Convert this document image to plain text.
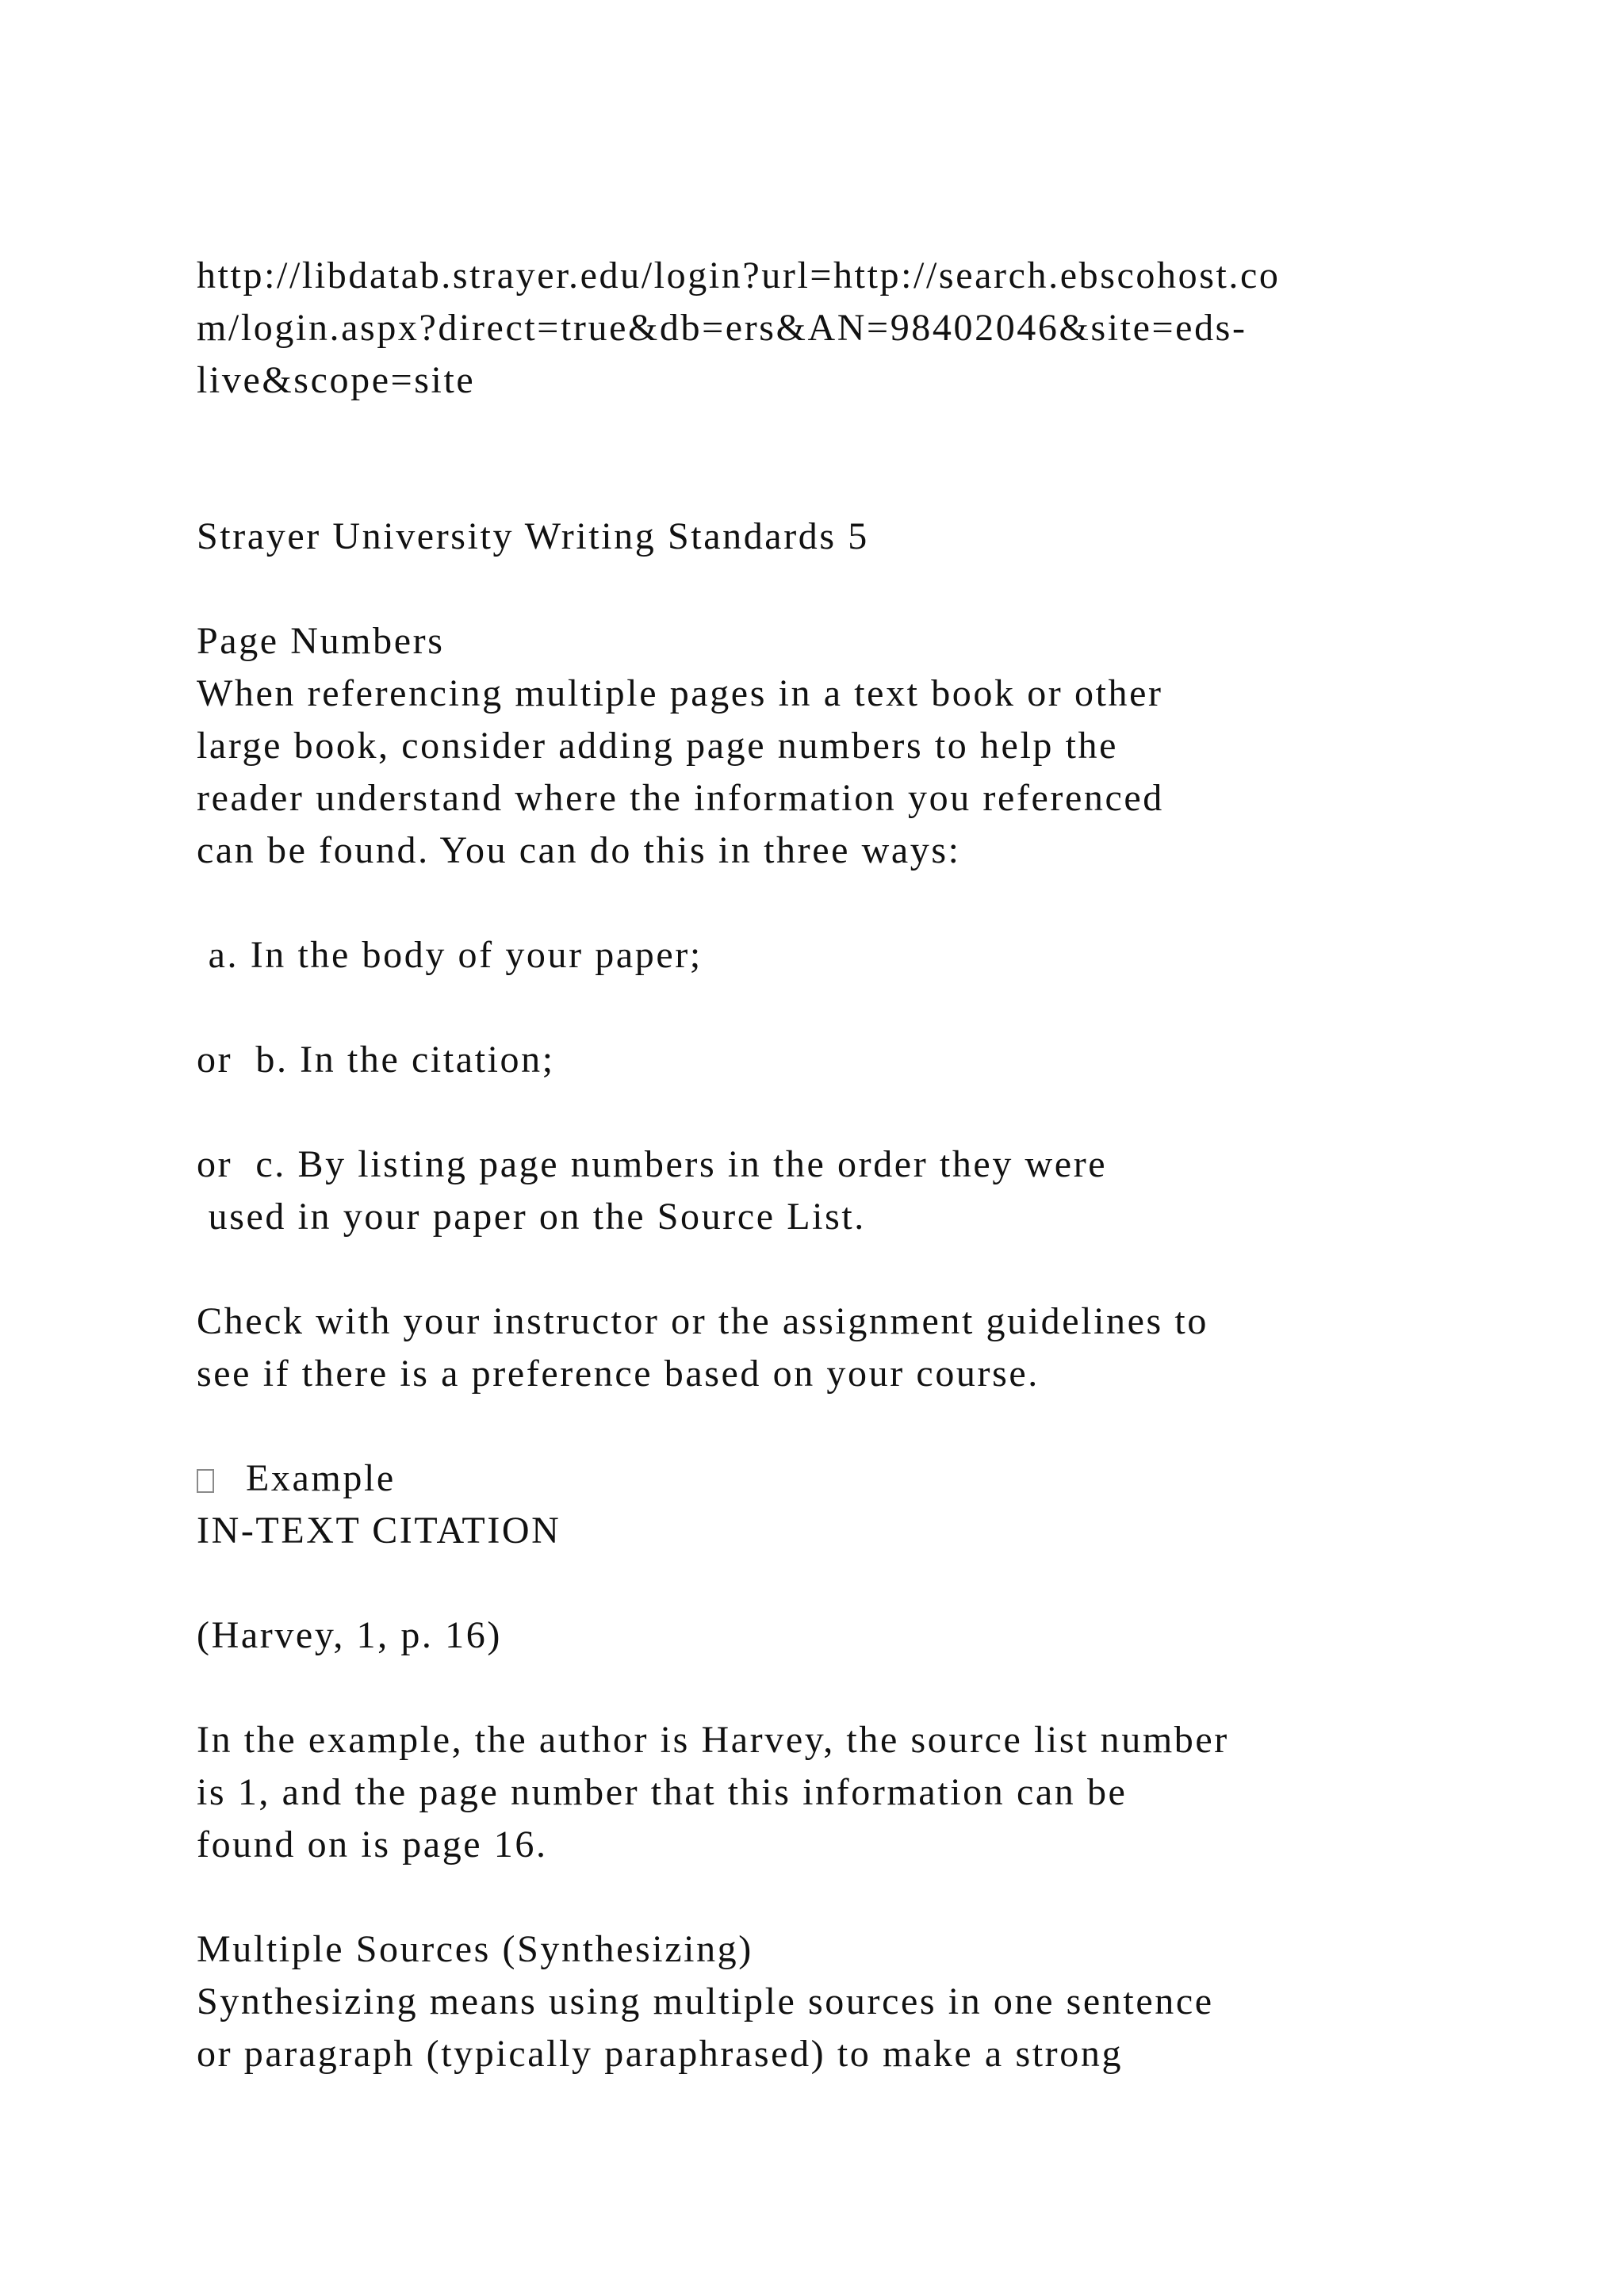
http://libdatab.strayer.edu/login?url=http://search.ebscohost.co

m/login.aspx?direct=true&db=ers&AN=98402046&site=eds-

live&scope=site

Strayer University Writing Standards 5

Page Numbers

When referencing multiple pages in a text book or other

large book, consider adding page numbers to help the

reader understand where the information you referenced

can be found. You can do this in three ways:

a. In the body of your paper;

or  b. In the citation;

or  c. By listing page numbers in the order they were

used in your paper on the Source List.

Check with your instructor or the assignment guidelines to

see if there is a preference based on your course.

Example

IN-TEXT CITATION

(Harvey, 1, p. 16)

In the example, the author is Harvey, the source list number

is 1, and the page number that this information can be

found on is page 16.

Multiple Sources (Synthesizing)

Synthesizing means using multiple sources in one sentence

or paragraph (typically paraphrased) to make a strong
